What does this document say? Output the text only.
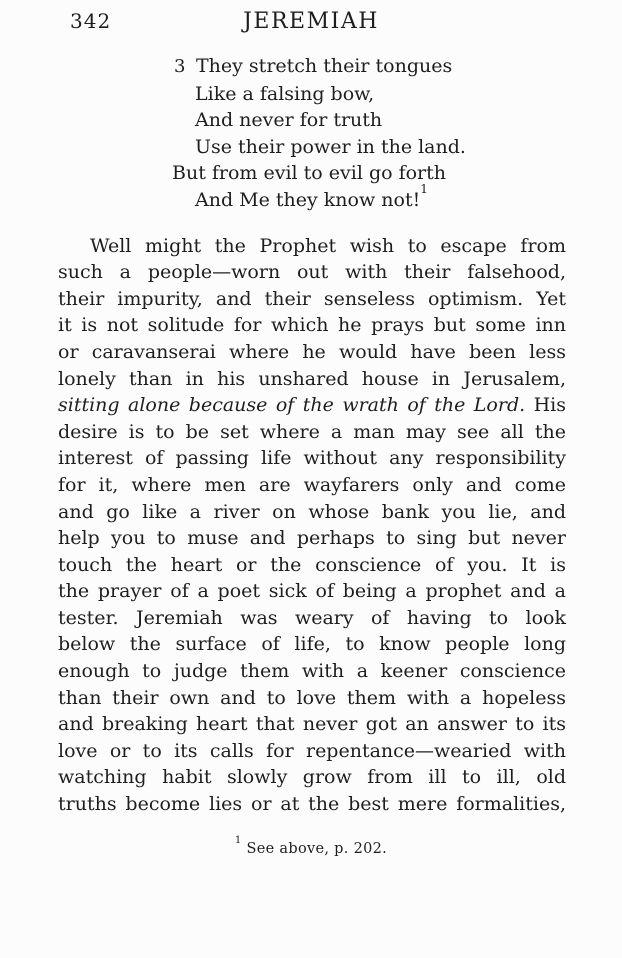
342	JEREMIAH
3 They stretch their tongues
Like a falsing bow,
And never for truth
Use their power in the land.
But from evil to evil go forth
And Me they know not!$^1$
Well might the Prophet wish to escape from
such a people—worn out with their falsehood,
their impurity, and their senseless optimism. Yet
it is not solitude for which he prays but some inn
or caravanserai where he would have been less
lonely than in his unshared house in Jerusalem,
sitting alone because of the wrath of the Lord. His
desire is to be set where a man may see all the
interest of passing life without any responsibility
for it, where men are wayfarers only and come
and go like a river on whose bank you lie, and
help you to muse and perhaps to sing but never
touch the heart or the conscience of you. It is
the prayer of a poet sick of being a prophet and a
tester. Jeremiah was weary of having to look
below the surface of life, to know people long
enough to judge them with a keener conscience
than their own and to love them with a hopeless
and breaking heart that never got an answer to its
love or to its calls for repentance—wearied with
watching habit slowly grow from ill to ill, old
truths become lies or at the best mere formalities,
$^1$ See above, p. 202.
